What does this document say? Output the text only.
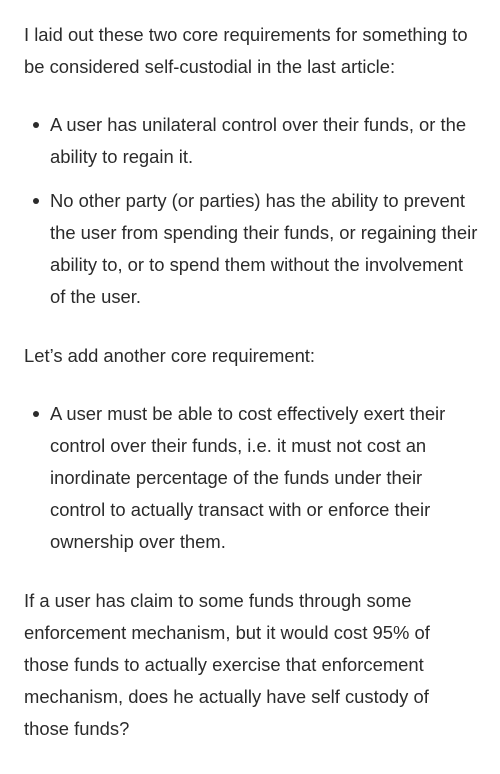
I laid out these two core requirements for something to be considered self-custodial in the last article:

A user has unilateral control over their funds, or the ability to regain it.
No other party (or parties) has the ability to prevent the user from spending their funds, or regaining their ability to, or to spend them without the involvement of the user.

Let’s add another core requirement:

A user must be able to cost effectively exert their control over their funds, i.e. it must not cost an inordinate percentage of the funds under their control to actually transact with or enforce their ownership over them.

If a user has claim to some funds through some enforcement mechanism, but it would cost 95% of those funds to actually exercise that enforcement mechanism, does he actually have self custody of those funds?
